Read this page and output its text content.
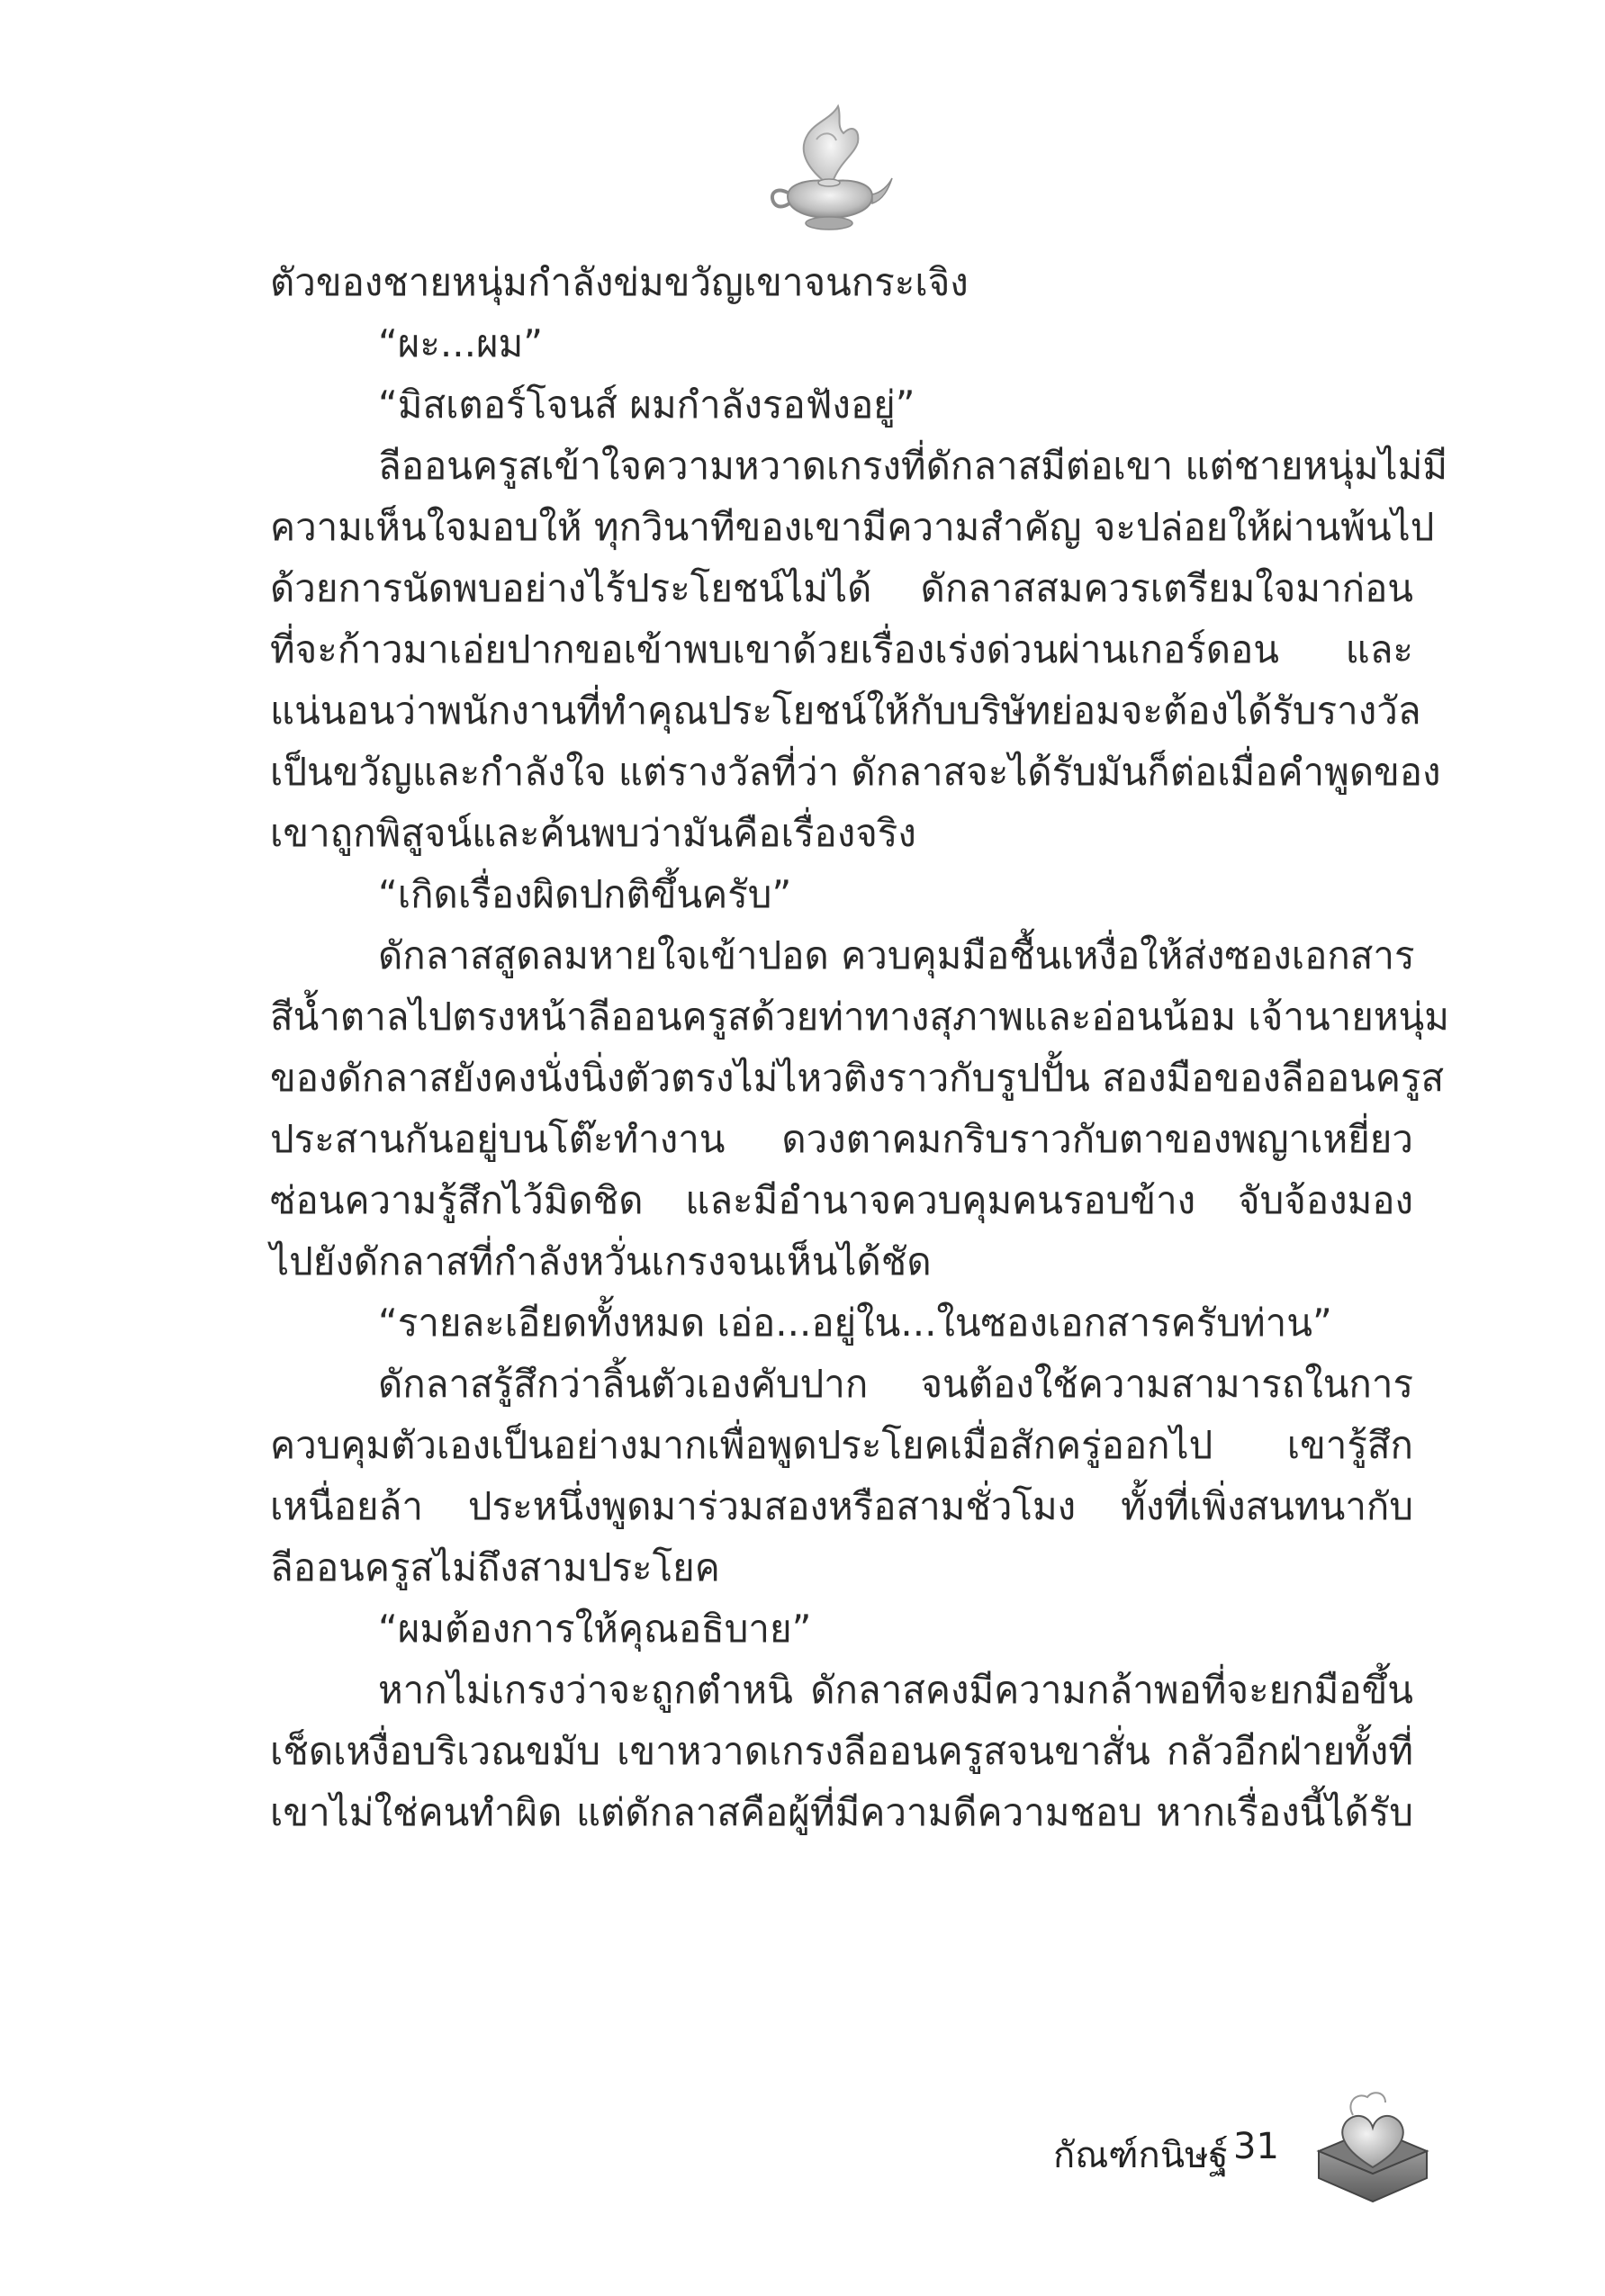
ตัวของชายหนุ่มกำลังข่มขวัญเขาจนกระเจิง
“ผะ...ผม”
“มิสเตอร์โจนส์ ผมกำลังรอฟังอยู่”
ลีออนครูสเข้าใจความหวาดเกรงที่ดักลาสมีต่อเขา แต่ชายหนุ่มไม่มี
ความเห็นใจมอบให้ ทุกวินาทีของเขามีความสำคัญ จะปล่อยให้ผ่านพ้นไป
ด้วยการนัดพบอย่างไร้ประโยชน์ไม่ได้ ดักลาสสมควรเตรียมใจมาก่อน
ที่จะก้าวมาเอ่ยปากขอเข้าพบเขาด้วยเรื่องเร่งด่วนผ่านเกอร์ดอน และ
แน่นอนว่าพนักงานที่ทำคุณประโยชน์ให้กับบริษัทย่อมจะต้องได้รับรางวัล
เป็นขวัญและกำลังใจ แต่รางวัลที่ว่า ดักลาสจะได้รับมันก็ต่อเมื่อคำพูดของ
เขาถูกพิสูจน์และค้นพบว่ามันคือเรื่องจริง
“เกิดเรื่องผิดปกติขึ้นครับ”
ดักลาสสูดลมหายใจเข้าปอด ควบคุมมือชื้นเหงื่อให้ส่งซองเอกสาร
สีน้ำตาลไปตรงหน้าลีออนครูสด้วยท่าทางสุภาพและอ่อนน้อม เจ้านายหนุ่ม
ของดักลาสยังคงนั่งนิ่งตัวตรงไม่ไหวติงราวกับรูปปั้น สองมือของลีออนครูส
ประสานกันอยู่บนโต๊ะทำงาน ดวงตาคมกริบราวกับตาของพญาเหยี่ยว
ซ่อนความรู้สึกไว้มิดชิด และมีอำนาจควบคุมคนรอบข้าง จับจ้องมอง
ไปยังดักลาสที่กำลังหวั่นเกรงจนเห็นได้ชัด
“รายละเอียดทั้งหมด เอ่อ...อยู่ใน...ในซองเอกสารครับท่าน”
ดักลาสรู้สึกว่าลิ้นตัวเองคับปาก จนต้องใช้ความสามารถในการ
ควบคุมตัวเองเป็นอย่างมากเพื่อพูดประโยคเมื่อสักครู่ออกไป เขารู้สึก
เหนื่อยล้า ประหนึ่งพูดมาร่วมสองหรือสามชั่วโมง ทั้งที่เพิ่งสนทนากับ
ลีออนครูสไม่ถึงสามประโยค
“ผมต้องการให้คุณอธิบาย”
หากไม่เกรงว่าจะถูกตำหนิ ดักลาสคงมีความกล้าพอที่จะยกมือขึ้น
เช็ดเหงื่อบริเวณขมับ เขาหวาดเกรงลีออนครูสจนขาสั่น กลัวอีกฝ่ายทั้งที่
เขาไม่ใช่คนทำผิด แต่ดักลาสคือผู้ที่มีความดีความชอบ หากเรื่องนี้ได้รับ
กัณฑ์กนิษฐ์ 31
